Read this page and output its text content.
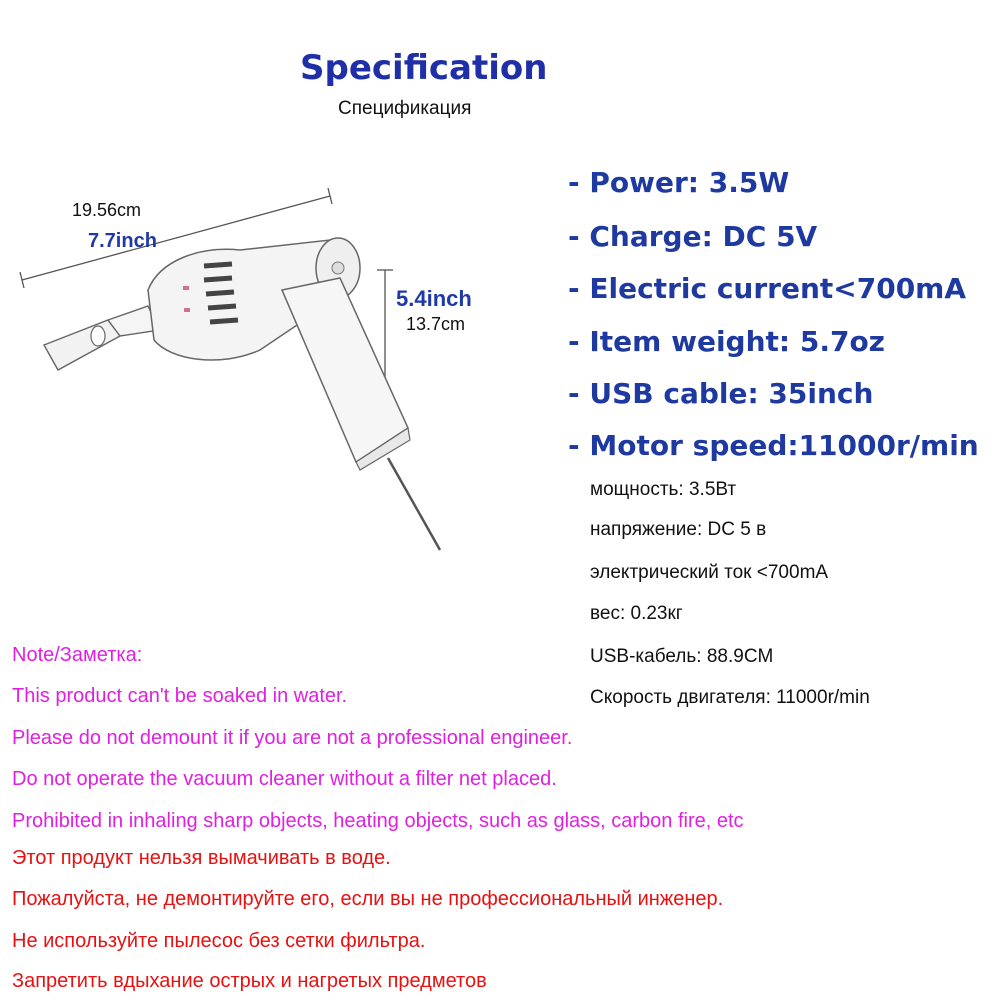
Specification
Спецификация
19.56cm
7.7inch
5.4inch
13.7cm
- Power: 3.5W
- Charge: DC 5V
- Electric current<700mA
- Item weight: 5.7oz
- USB cable: 35inch
- Motor speed:11000r/min
мощность: 3.5Вт
напряжение: DC 5 в
электрический ток <700mA
вес: 0.23кг
USB-кабель: 88.9CM
Скорость двигателя: 11000r/min
Note/Заметка:
This product can't be soaked in water.
Please do not demount it if you are not a professional engineer.
Do not operate the vacuum cleaner without a filter net placed.
Prohibited in inhaling sharp objects, heating objects, such as glass, carbon fire, etc
Этот продукт нельзя вымачивать в воде.
Пожалуйста, не демонтируйте его, если вы не профессиональный инженер.
Не используйте пылесос без сетки фильтра.
Запретить вдыхание острых и нагретых предметов
